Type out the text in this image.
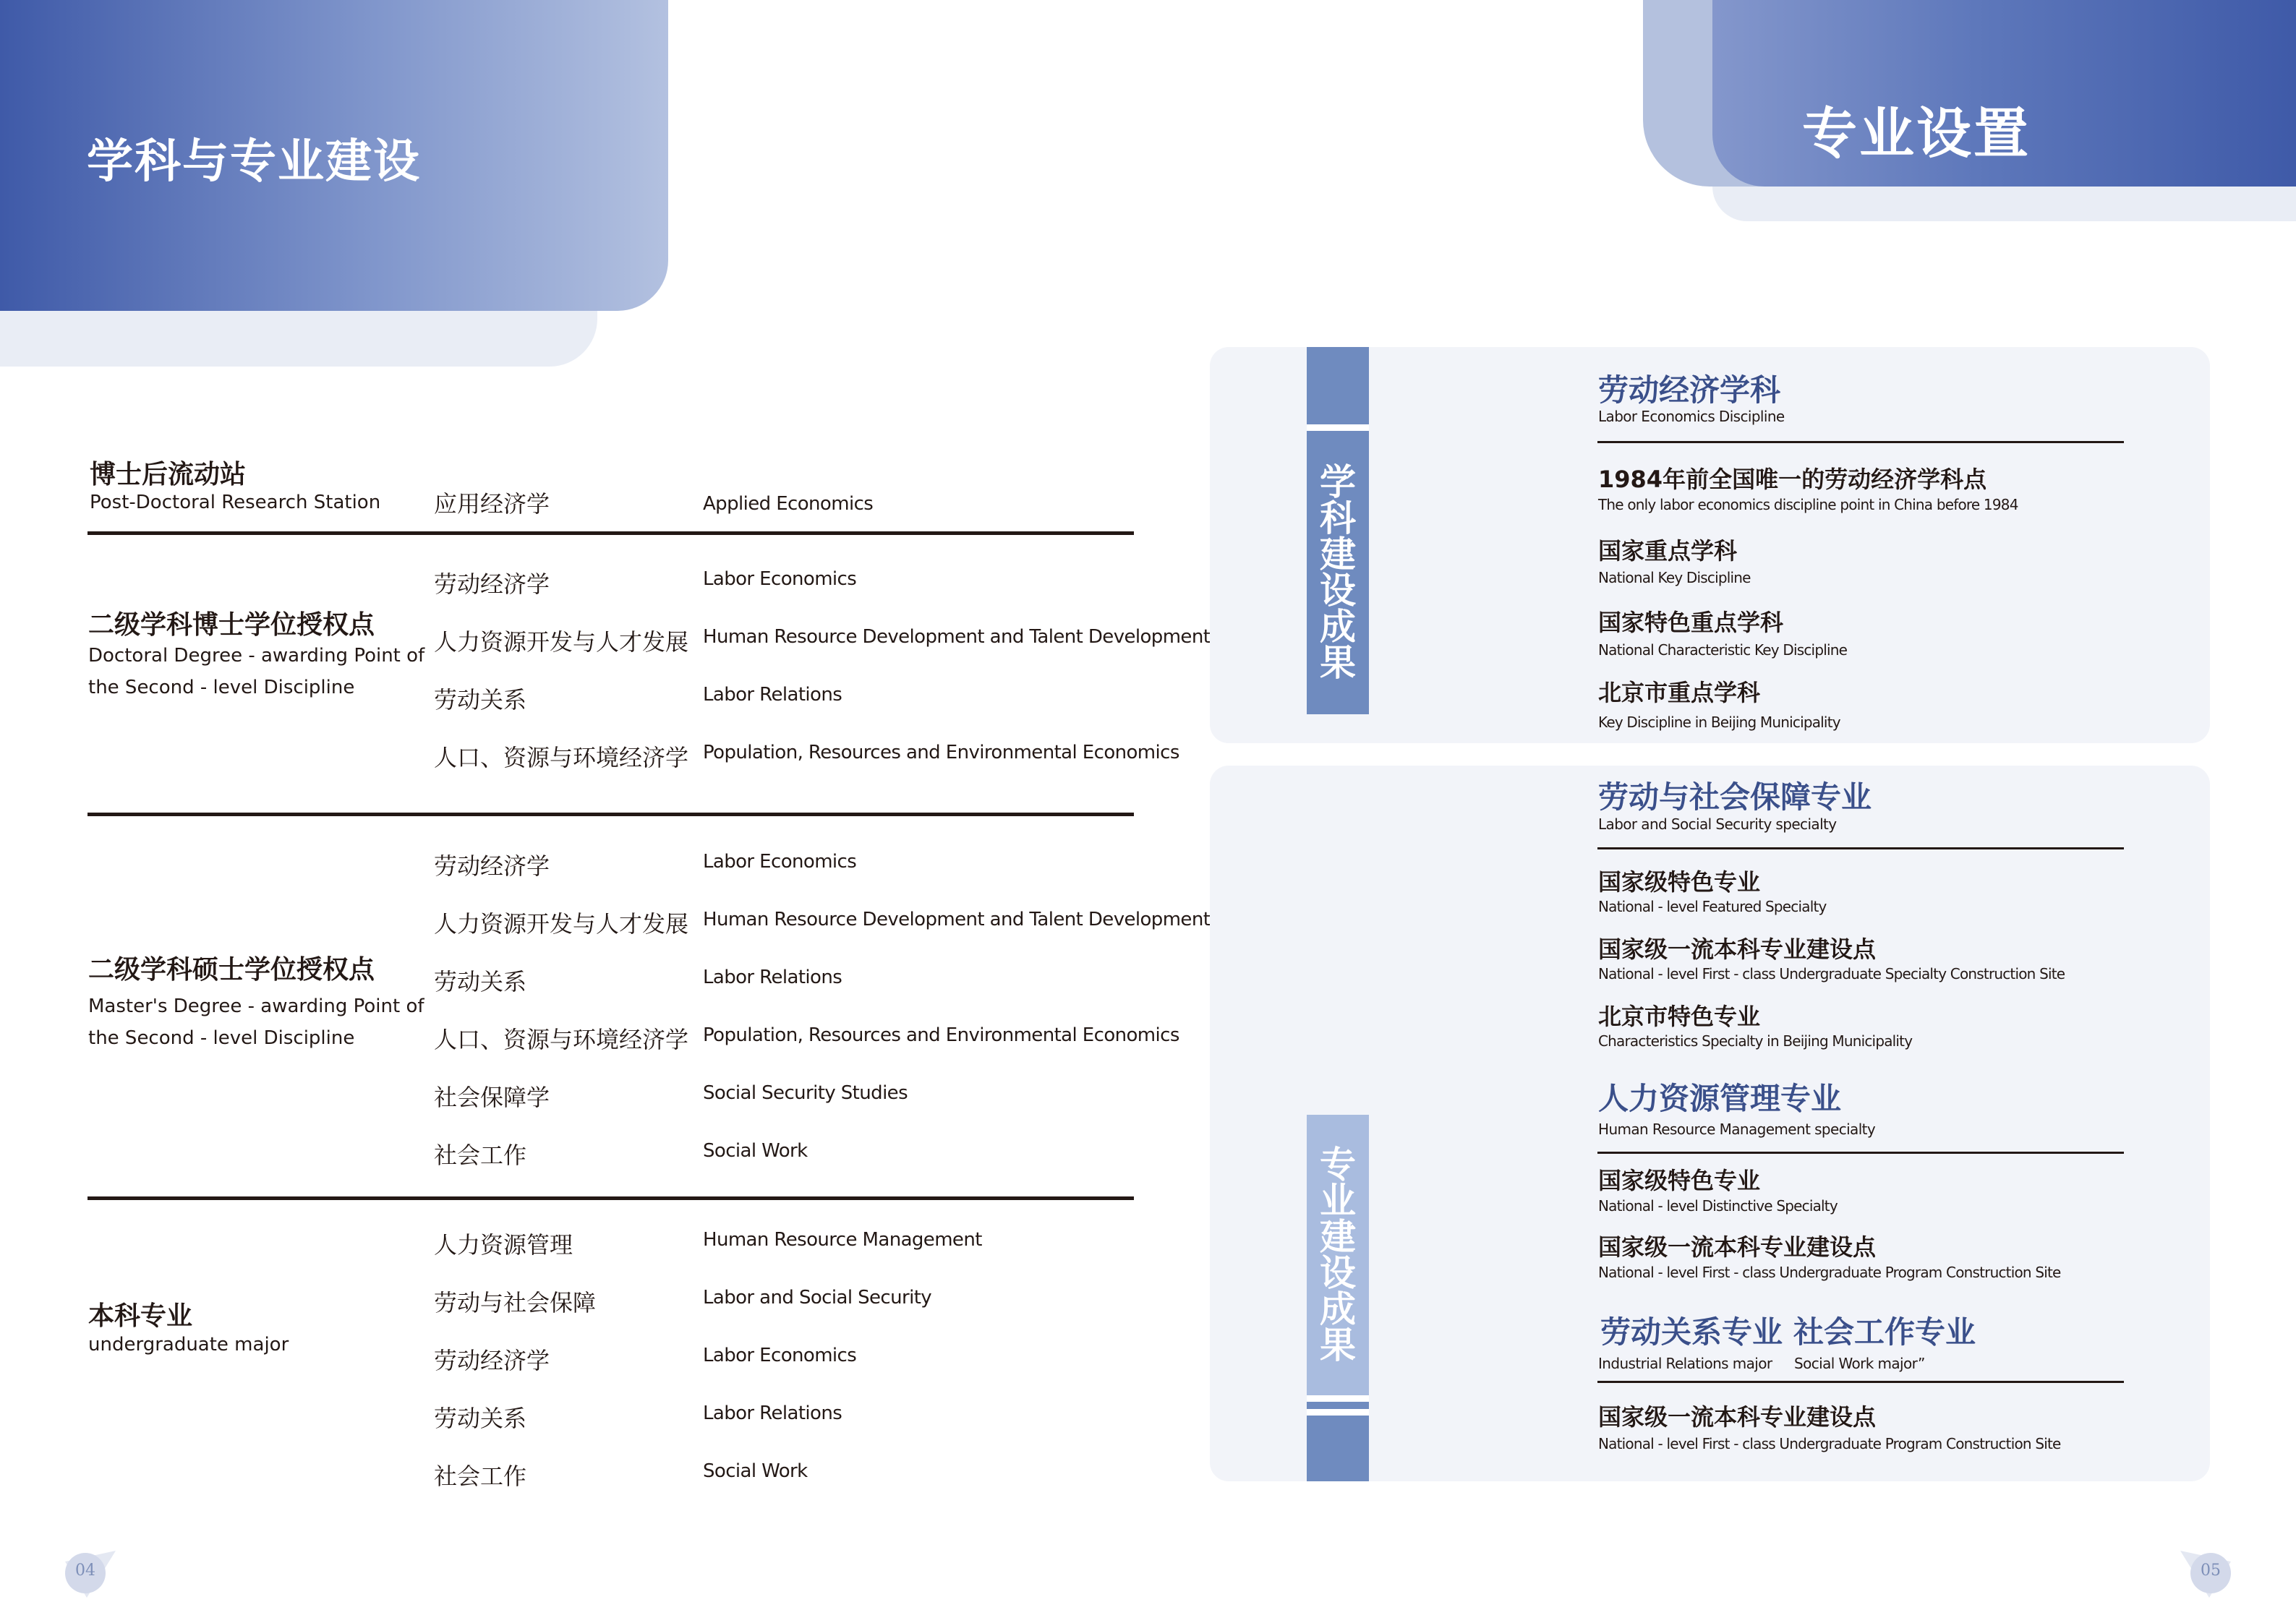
学科与专业建设	专业设置
博士后流动站
Post-Doctoral Research Station 应用经济学	Applied Economics
二级学科博士学位授权点
Doctoral Degree - awarding Point of
the Second - level Discipline
劳动经济学	Labor Economics
人力资源开发与人才发展 Human Resource Development and Talent Development
劳动关系	Labor Relations
人口、资源与环境经济学 Population, Resources and Environmental Economics
二级学科硕士学位授权点
Master's Degree - awarding Point of
the Second - level Discipline
劳动经济学	Labor Economics
人力资源开发与人才发展 Human Resource Development and Talent Development
劳动关系	Labor Relations
人口、资源与环境经济学 Population, Resources and Environmental Economics
社会保障学	Social Security Studies
社会工作	Social Work
本科专业
undergraduate major
人力资源管理	Human Resource Management
劳动与社会保障	Labor and Social Security
劳动经济学	Labor Economics
劳动关系	Labor Relations
社会工作	Social Work
学
科
建
设
成
果
劳动经济学科
Labor Economics Discipline
1984年前全国唯一的劳动经济学科点
The only labor economics discipline point in China before 1984
国家重点学科
National Key Discipline
国家特色重点学科
National Characteristic Key Discipline
北京市重点学科
Key Discipline in Beijing Municipality
专
业
建
设
成
果
劳动与社会保障专业
Labor and Social Security specialty
国家级特色专业
National - level Featured Specialty
国家级一流本科专业建设点
National - level First - class Undergraduate Specialty Construction Site
北京市特色专业
Characteristics Specialty in Beijing Municipality
人力资源管理专业
Human Resource Management specialty
国家级特色专业
National - level Distinctive Specialty
国家级一流本科专业建设点
National - level First - class Undergraduate Program Construction Site
劳动关系专业 社会工作专业
Industrial Relations major Social Work major”
国家级一流本科专业建设点
National - level First - class Undergraduate Program Construction Site
04	05
